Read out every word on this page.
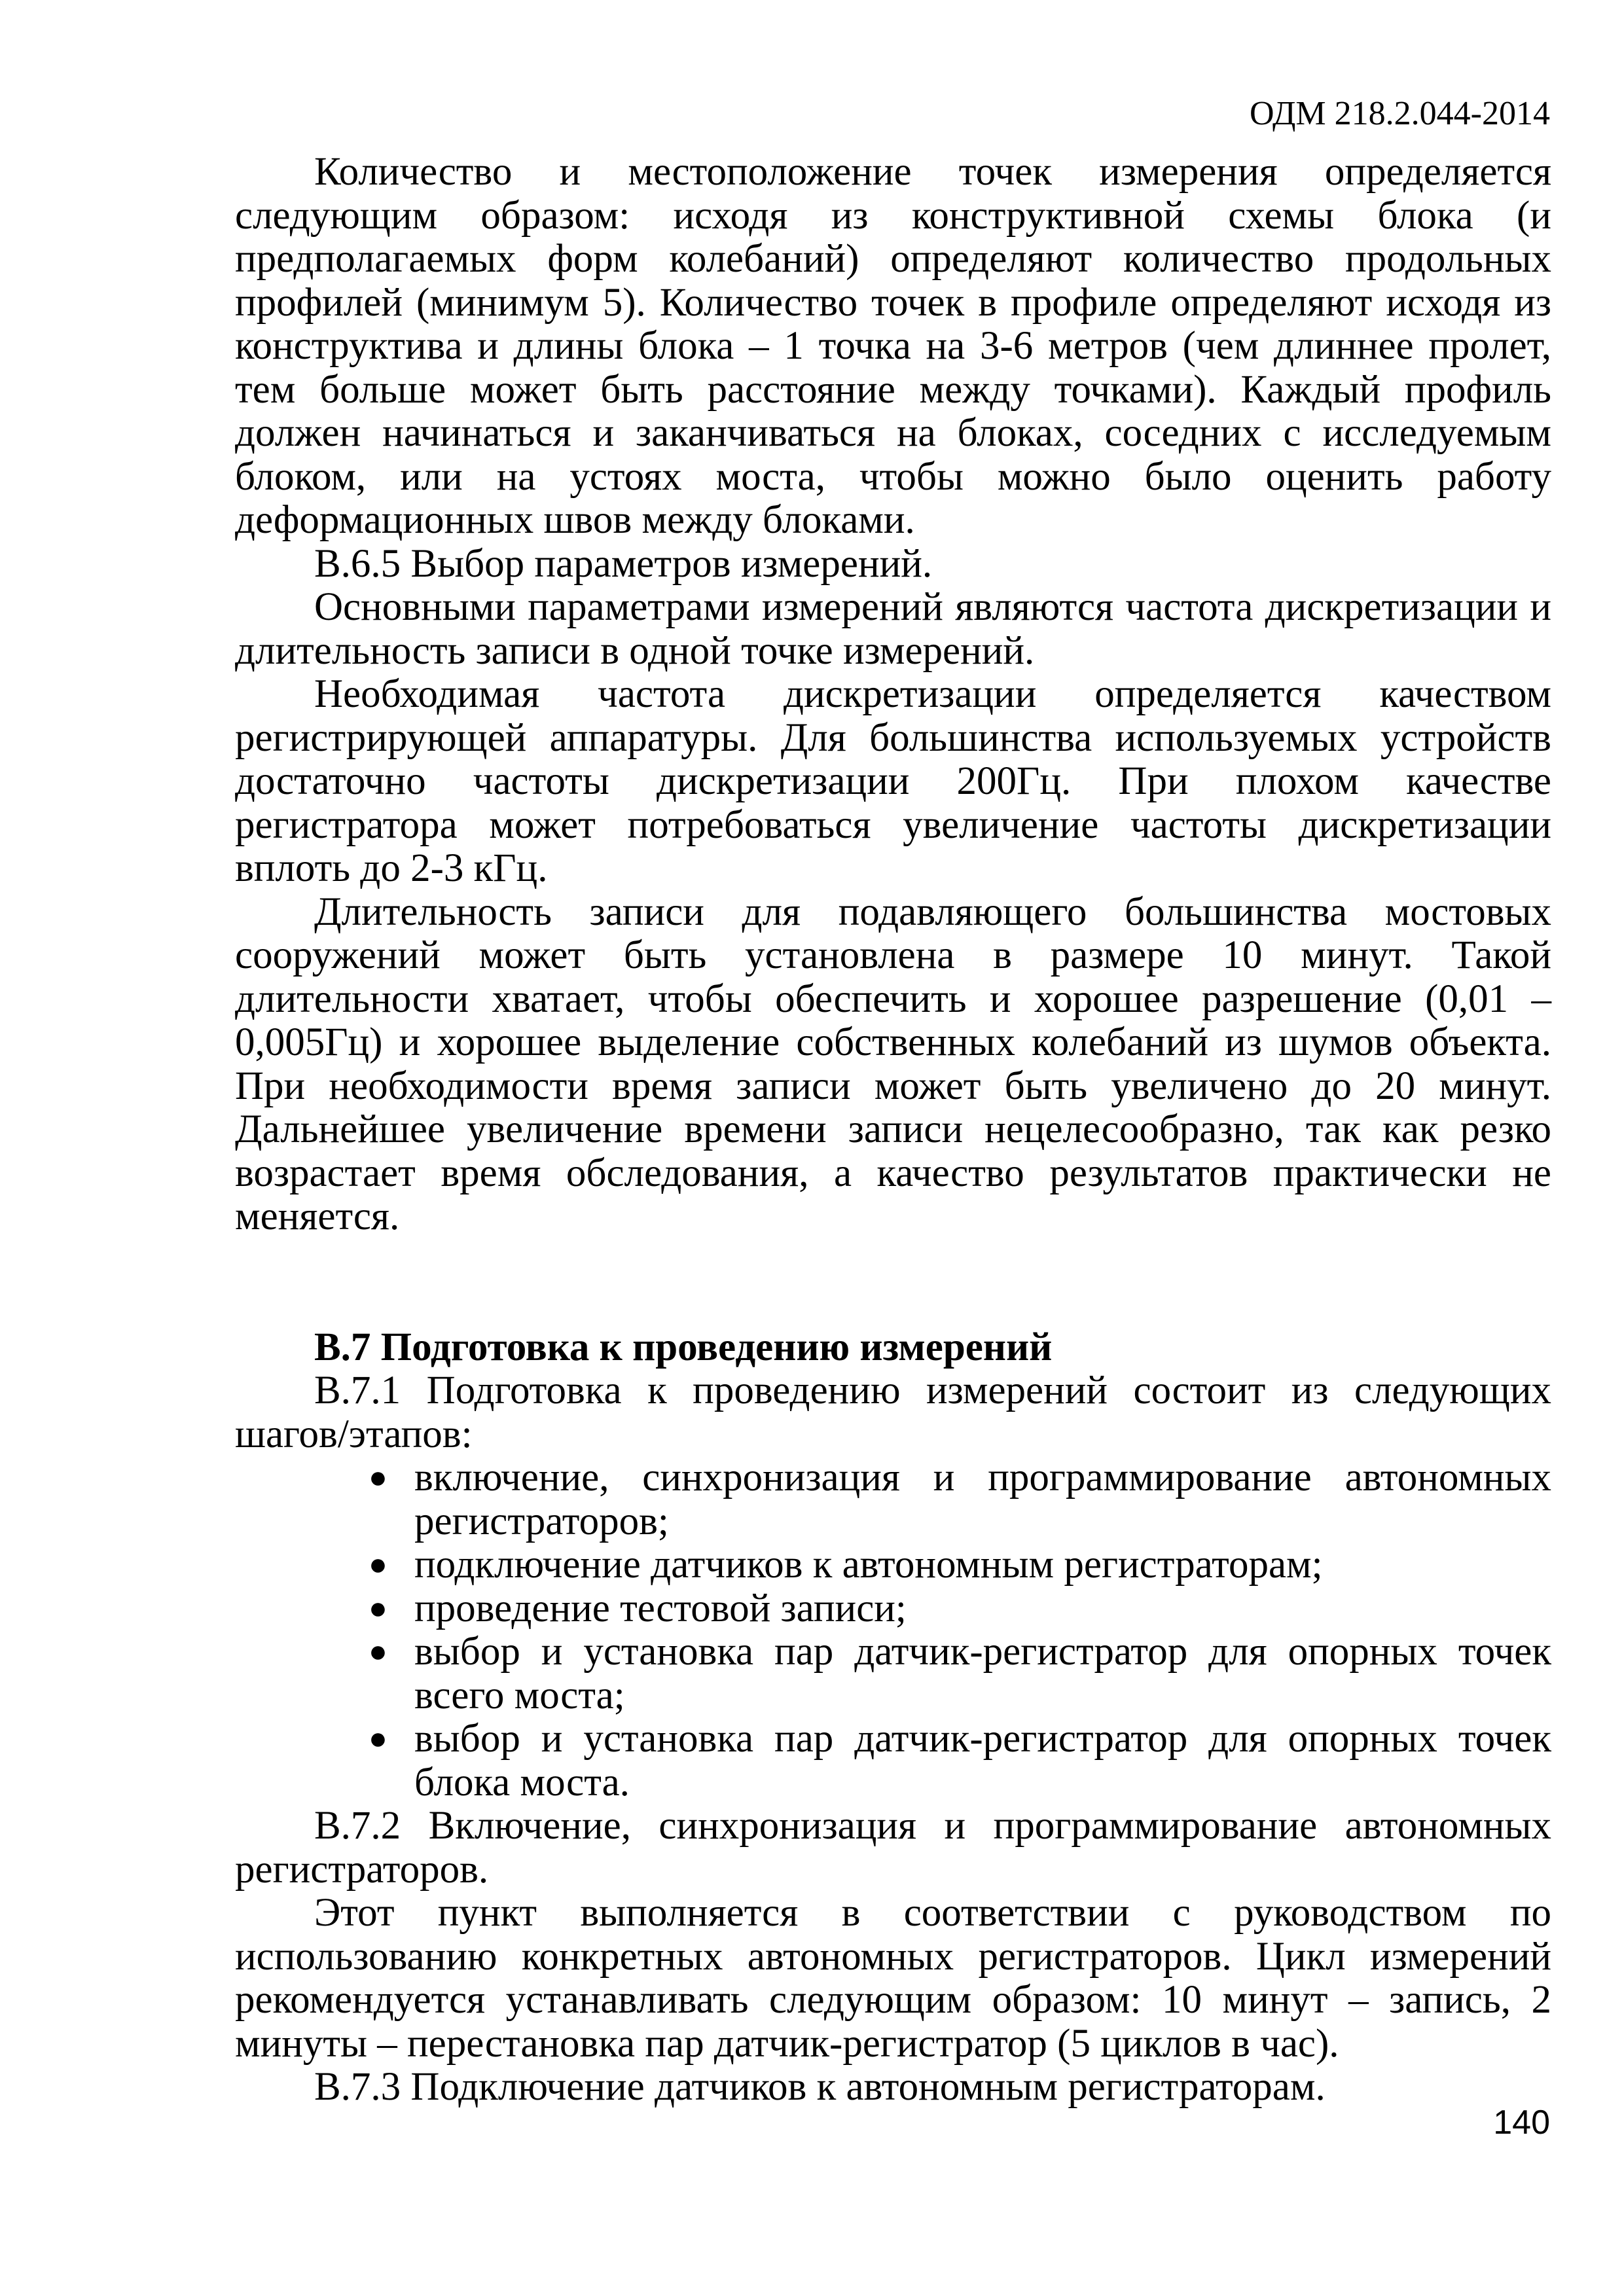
ОДМ 218.2.044-2014

Количество и местоположение точек измерения определяется следующим образом: исходя из конструктивной схемы блока (и предполагаемых форм колебаний) определяют количество продольных профилей (минимум 5). Количество точек в профиле определяют исходя из конструктива и длины блока – 1 точка на 3-6 метров (чем длиннее пролет, тем больше может быть расстояние между точками). Каждый профиль должен начинаться и заканчиваться на блоках, соседних с исследуемым блоком, или на устоях моста, чтобы можно было оценить работу деформационных швов между блоками.

В.6.5 Выбор параметров измерений.

Основными параметрами измерений являются частота дискретизации и длительность записи в одной точке измерений.

Необходимая частота дискретизации определяется качеством регистрирующей аппаратуры. Для большинства используемых устройств достаточно частоты дискретизации 200Гц. При плохом качестве регистратора может потребоваться увеличение частоты дискретизации вплоть до 2-3 кГц.

Длительность записи для подавляющего большинства мостовых сооружений может быть установлена в размере 10 минут. Такой длительности хватает, чтобы обеспечить и хорошее разрешение (0,01 – 0,005Гц) и хорошее выделение собственных колебаний из шумов объекта. При необходимости время записи может быть увеличено до 20 минут. Дальнейшее увеличение времени записи нецелесообразно, так как резко возрастает время обследования, а качество результатов практически не меняется.

В.7 Подготовка к проведению измерений

В.7.1 Подготовка к проведению измерений состоит из следующих шагов/этапов:

● включение, синхронизация и программирование автономных регистраторов;
● подключение датчиков к автономным регистраторам;
● проведение тестовой записи;
● выбор и установка пар датчик-регистратор для опорных точек всего моста;
● выбор и установка пар датчик-регистратор для опорных точек блока моста.

В.7.2 Включение, синхронизация и программирование автономных регистраторов.

Этот пункт выполняется в соответствии с руководством по использованию конкретных автономных регистраторов. Цикл измерений рекомендуется устанавливать следующим образом: 10 минут – запись, 2 минуты – перестановка пар датчик-регистратор (5 циклов в час).

В.7.3 Подключение датчиков к автономным регистраторам.

140
